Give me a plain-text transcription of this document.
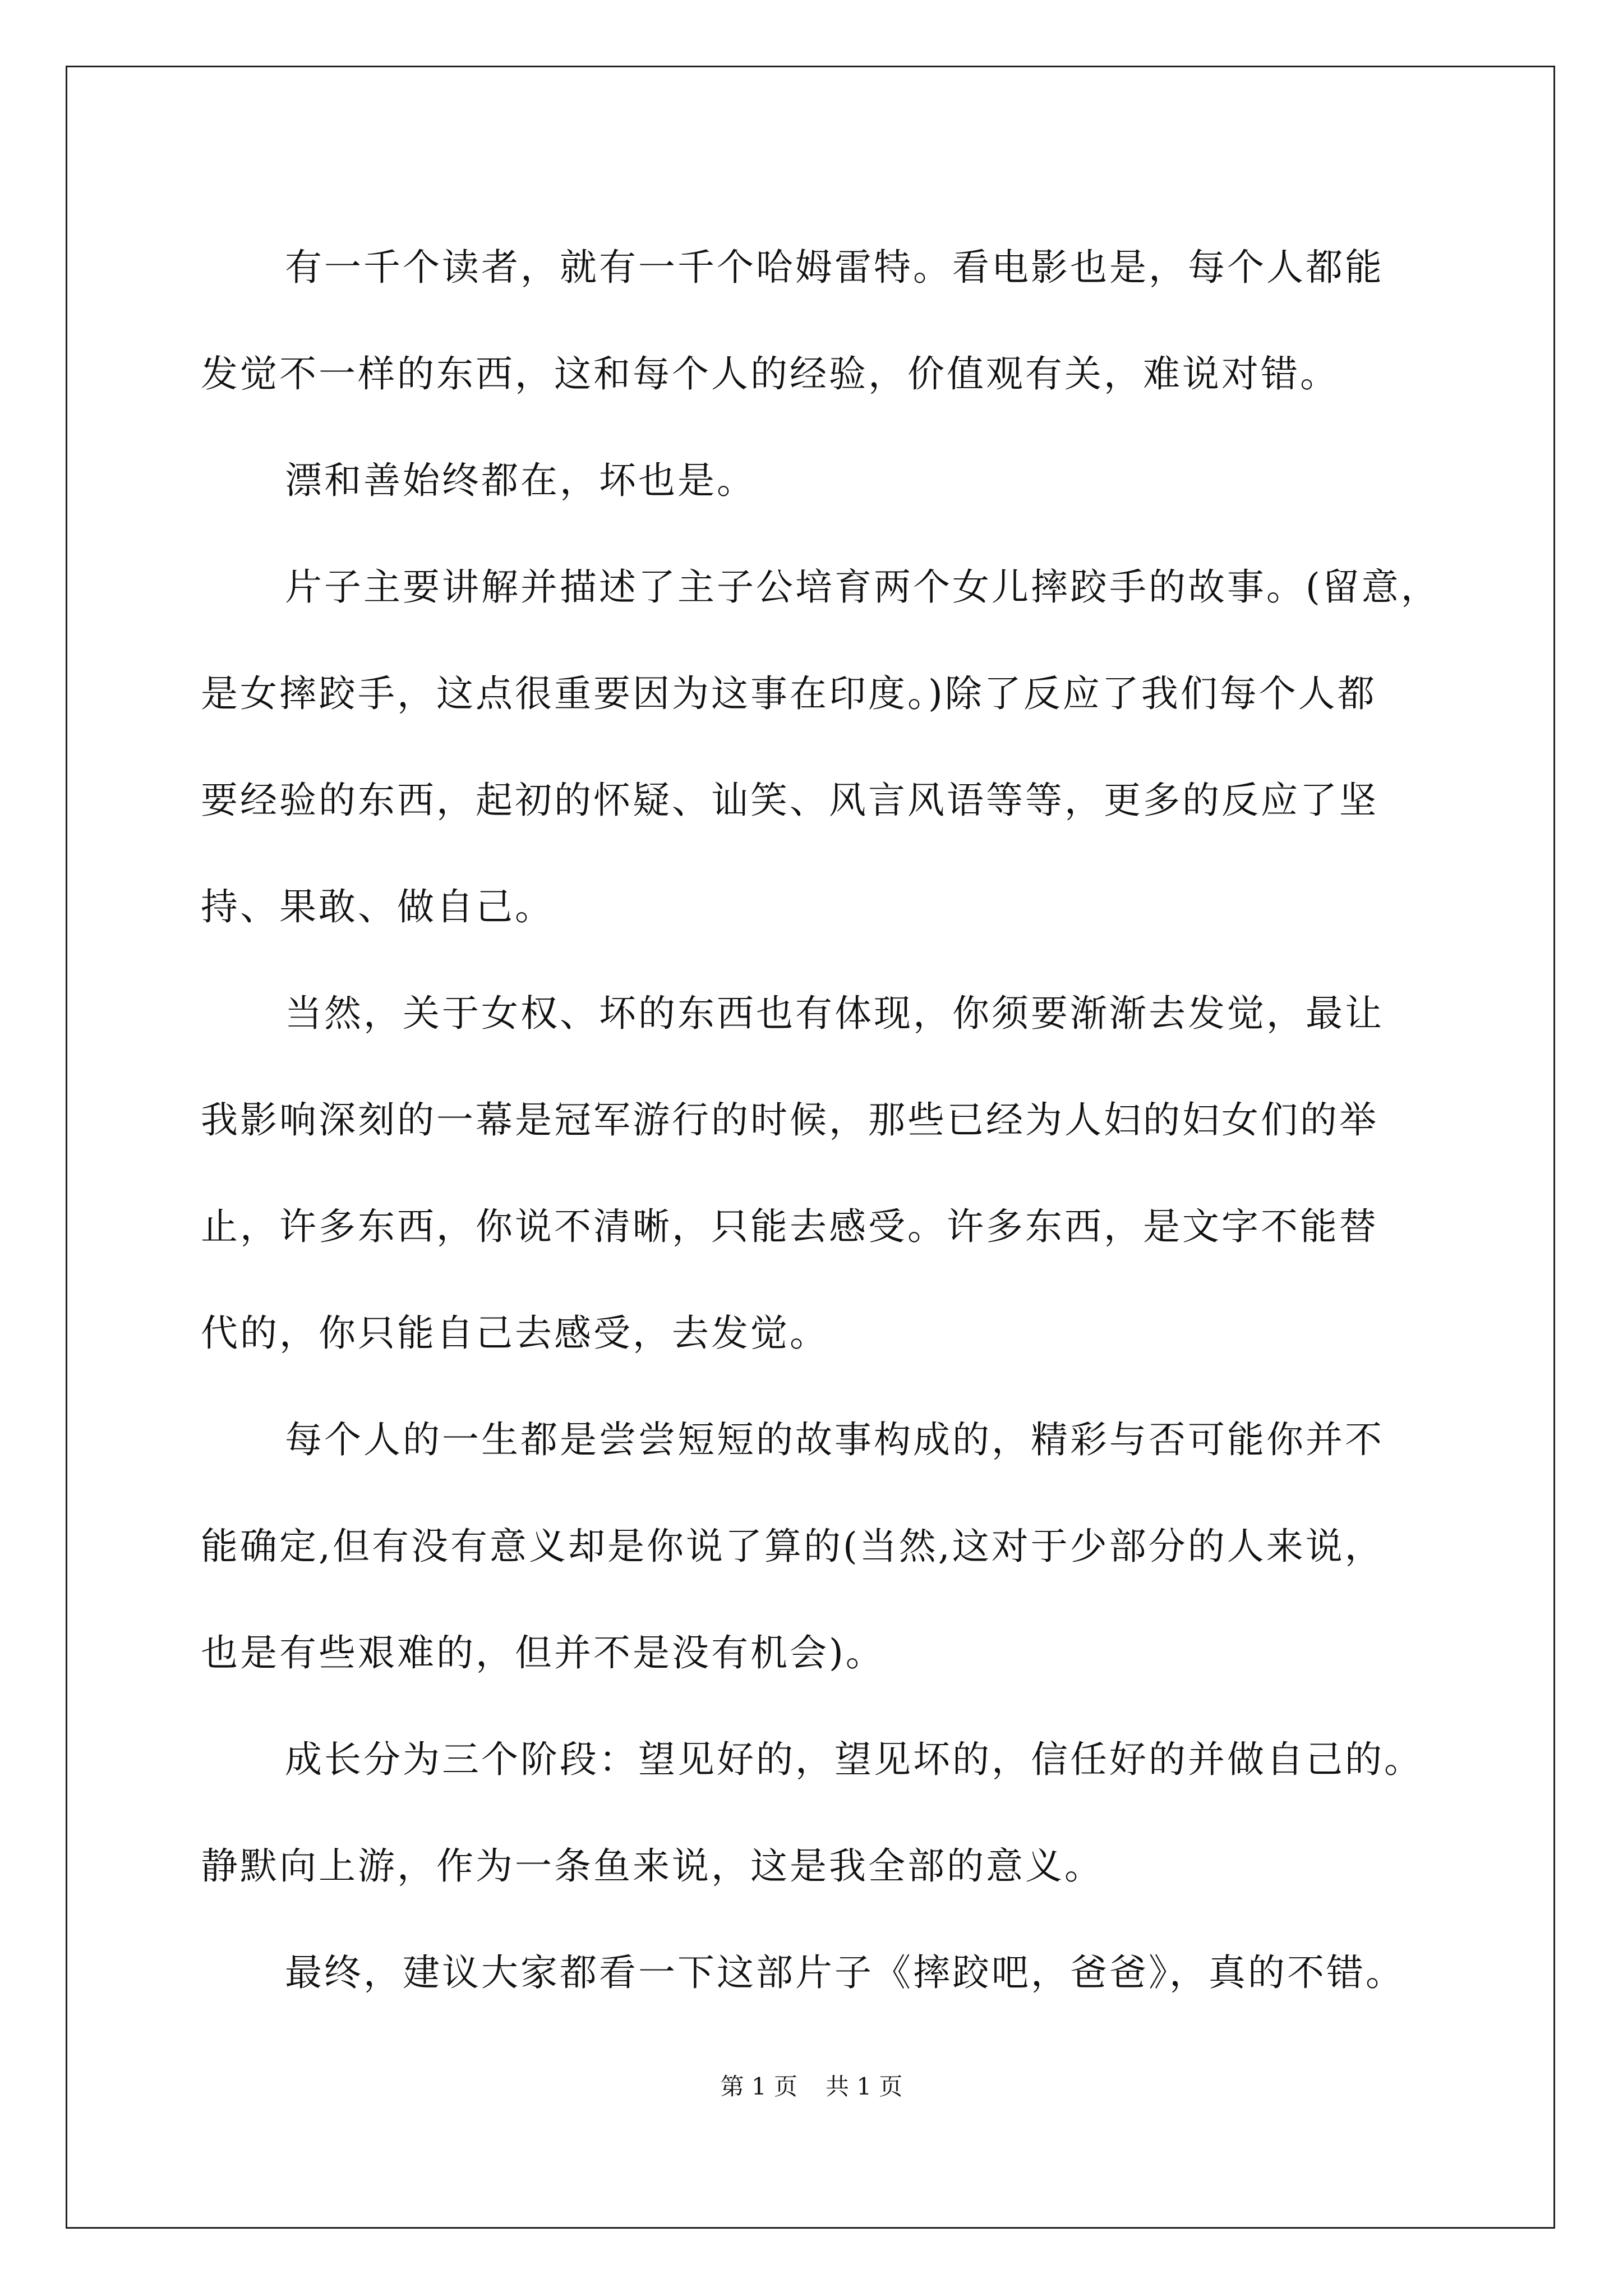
有一千个读者，就有一千个哈姆雷特。看电影也是，每个人都能
发觉不一样的东西，这和每个人的经验，价值观有关，难说对错。

漂和善始终都在，坏也是。

片子主要讲解并描述了主子公培育两个女儿摔跤手的故事。(留意，
是女摔跤手，这点很重要因为这事在印度。)除了反应了我们每个人都
要经验的东西，起初的怀疑、讪笑、风言风语等等，更多的反应了坚
持、果敢、做自己。

当然，关于女权、坏的东西也有体现，你须要渐渐去发觉，最让
我影响深刻的一幕是冠军游行的时候，那些已经为人妇的妇女们的举
止，许多东西，你说不清晰，只能去感受。许多东西，是文字不能替
代的，你只能自己去感受，去发觉。

每个人的一生都是尝尝短短的故事构成的，精彩与否可能你并不
能确定,但有没有意义却是你说了算的(当然,这对于少部分的人来说，
也是有些艰难的，但并不是没有机会)。

成长分为三个阶段：望见好的，望见坏的，信任好的并做自己的。
静默向上游，作为一条鱼来说，这是我全部的意义。

最终，建议大家都看一下这部片子《摔跤吧，爸爸》，真的不错。

第 1 页 共 1 页
